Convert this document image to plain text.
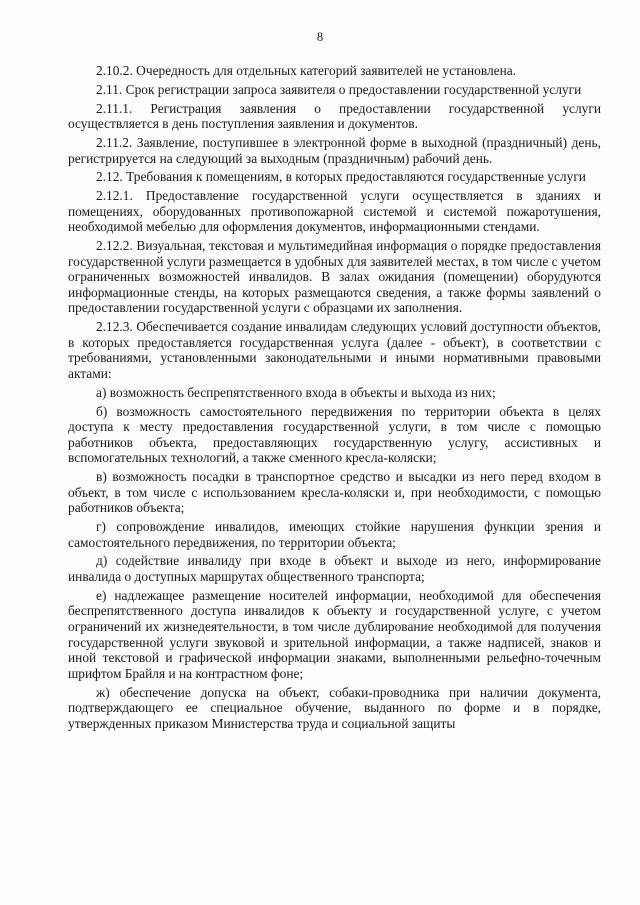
8

2.10.2. Очередность для отдельных категорий заявителей не установлена.

2.11. Срок регистрации запроса заявителя о предоставлении государственной услуги

2.11.1. Регистрация заявления о предоставлении государственной услуги осуществляется в день поступления заявления и документов.

2.11.2. Заявление, поступившее в электронной форме в выходной (праздничный) день, регистрируется на следующий за выходным (праздничным) рабочий день.

2.12. Требования к помещениям, в которых предоставляются государственные услуги

2.12.1. Предоставление государственной услуги осуществляется в зданиях и помещениях, оборудованных противопожарной системой и системой пожаротушения, необходимой мебелью для оформления документов, информационными стендами.

2.12.2. Визуальная, текстовая и мультимедийная информация о порядке предоставления государственной услуги размещается в удобных для заявителей местах, в том числе с учетом ограниченных возможностей инвалидов. В залах ожидания (помещении) оборудуются информационные стенды, на которых размещаются сведения, а также формы заявлений о предоставлении государственной услуги с образцами их заполнения.

2.12.3. Обеспечивается создание инвалидам следующих условий доступности объектов, в которых предоставляется государственная услуга (далее - объект), в соответствии с требованиями, установленными законодательными и иными нормативными правовыми актами:

а) возможность беспрепятственного входа в объекты и выхода из них;

б) возможность самостоятельного передвижения по территории объекта в целях доступа к месту предоставления государственной услуги, в том числе с помощью работников объекта, предоставляющих государственную услугу, ассистивных и вспомогательных технологий, а также сменного кресла-коляски;

в) возможность посадки в транспортное средство и высадки из него перед входом в объект, в том числе с использованием кресла-коляски и, при необходимости, с помощью работников объекта;

г) сопровождение инвалидов, имеющих стойкие нарушения функции зрения и самостоятельного передвижения, по территории объекта;

д) содействие инвалиду при входе в объект и выходе из него, информирование инвалида о доступных маршрутах общественного транспорта;

е) надлежащее размещение носителей информации, необходимой для обеспечения беспрепятственного доступа инвалидов к объекту и государственной услуге, с учетом ограничений их жизнедеятельности, в том числе дублирование необходимой для получения государственной услуги звуковой и зрительной информации, а также надписей, знаков и иной текстовой и графической информации знаками, выполненными рельефно-точечным шрифтом Брайля и на контрастном фоне;

ж) обеспечение допуска на объект, собаки-проводника при наличии документа, подтверждающего ее специальное обучение, выданного по форме и в порядке, утвержденных приказом Министерства труда и социальной защиты
